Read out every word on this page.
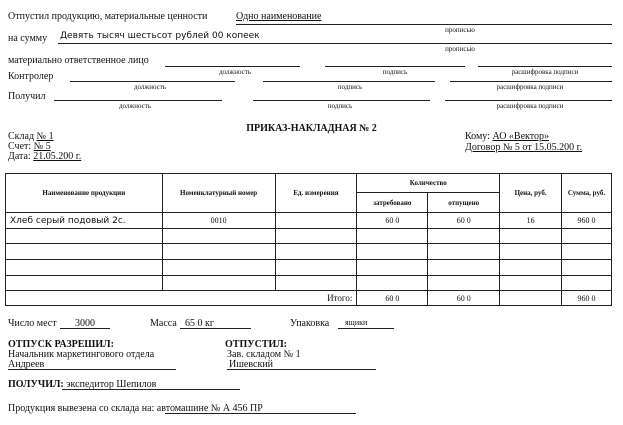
Отпустил продукцию, материальные ценности	Одно наименование
прописью
на сумму Девять тысяч шестьсот рублей 00 копеек
прописью
материально ответственное лицо
должность	подпись	расшифровка подписи
Контролер
должность	подпись	расшифровка подписи
Получил
должность	подпись	расшифровка подписи
ПРИКАЗ-НАКЛАДНАЯ № 2
Склад № 1
Счет: № 5
Дата: 21.05.200 г.
Кому: АО «Вектор»
Договор № 5 от 15.05.200 г.
Наименование продукции	Номенклатурный номер	Ед. измерения	Количество		Цена, руб.	Сумма, руб.
			затребовано	отпущено		
Хлеб серый подовый 2с.	0010		60 0	60 0	16	960 0

Итого:			60 0	60 0		960 0
Число мест 3000	Масса 65 0 кг	Упаковка ящики
ОТПУСК РАЗРЕШИЛ:
Начальник маркетингового отдела
Андреев
ОТПУСТИЛ:
Зав. складом № 1
Ишевский
ПОЛУЧИЛ: экспедитор Шепилов
Продукция вывезена со склада на: автомашине № А 456 ПР
